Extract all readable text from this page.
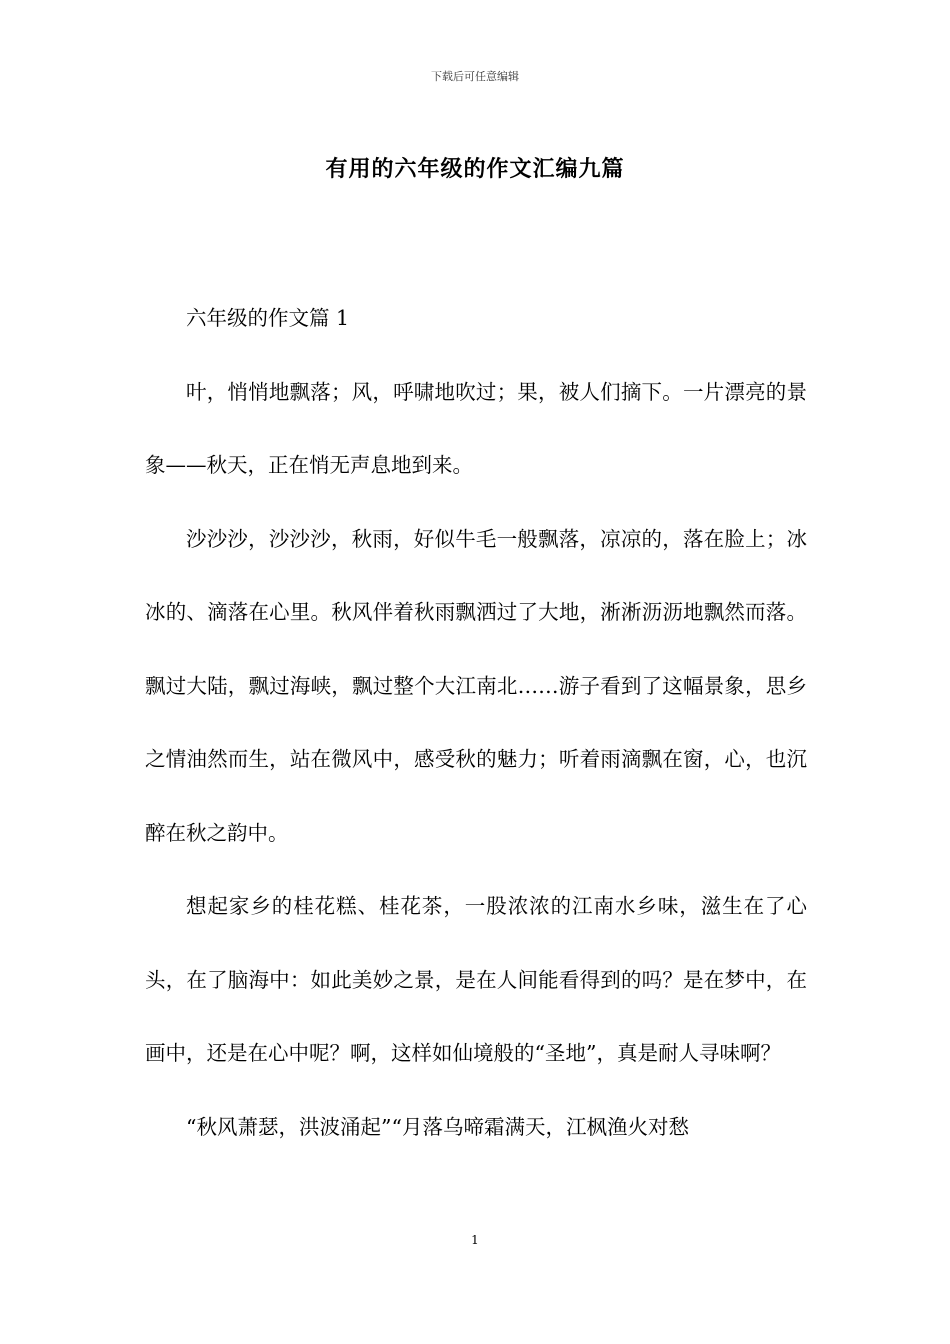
下载后可任意编辑
有用的六年级的作文汇编九篇

六年级的作文篇 1

叶，悄悄地飘落；风，呼啸地吹过；果，被人们摘下。一片漂亮的景象——秋天，正在悄无声息地到来。

沙沙沙，沙沙沙，秋雨，好似牛毛一般飘落，凉凉的，落在脸上；冰冰的、滴落在心里。秋风伴着秋雨飘洒过了大地，淅淅沥沥地飘然而落。飘过大陆，飘过海峡，飘过整个大江南北……游子看到了这幅景象，思乡之情油然而生，站在微风中，感受秋的魅力；听着雨滴飘在窗，心，也沉醉在秋之韵中。

想起家乡的桂花糕、桂花茶，一股浓浓的江南水乡味，滋生在了心头，在了脑海中：如此美妙之景，是在人间能看得到的吗？是在梦中，在画中，还是在心中呢？啊，这样如仙境般的“圣地”，真是耐人寻味啊？

“秋风萧瑟，洪波涌起”“月落乌啼霜满天，江枫渔火对愁

1
